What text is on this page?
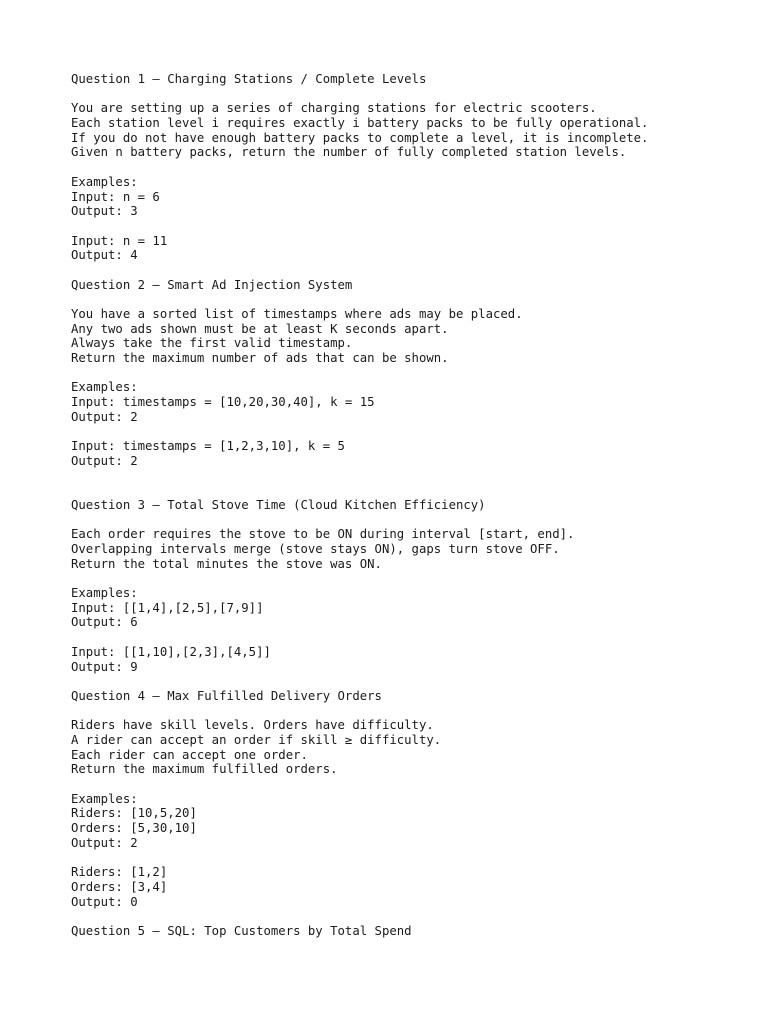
Question 1 — Charging Stations / Complete Levels
You are setting up a series of charging stations for electric scooters.
Each station level i requires exactly i battery packs to be fully operational.
If you do not have enough battery packs to complete a level, it is incomplete.
Given n battery packs, return the number of fully completed station levels.
Examples:
Input: n = 6
Output: 3
Input: n = 11
Output: 4
Question 2 — Smart Ad Injection System
You have a sorted list of timestamps where ads may be placed.
Any two ads shown must be at least K seconds apart.
Always take the first valid timestamp.
Return the maximum number of ads that can be shown.
Examples:
Input: timestamps = [10,20,30,40], k = 15
Output: 2
Input: timestamps = [1,2,3,10], k = 5
Output: 2
Question 3 — Total Stove Time (Cloud Kitchen Efficiency)
Each order requires the stove to be ON during interval [start, end].
Overlapping intervals merge (stove stays ON), gaps turn stove OFF.
Return the total minutes the stove was ON.
Examples:
Input: [[1,4],[2,5],[7,9]]
Output: 6
Input: [[1,10],[2,3],[4,5]]
Output: 9
Question 4 — Max Fulfilled Delivery Orders
Riders have skill levels. Orders have difficulty.
A rider can accept an order if skill ≥ difficulty.
Each rider can accept one order.
Return the maximum fulfilled orders.
Examples:
Riders: [10,5,20]
Orders: [5,30,10]
Output: 2
Riders: [1,2]
Orders: [3,4]
Output: 0
Question 5 — SQL: Top Customers by Total Spend
